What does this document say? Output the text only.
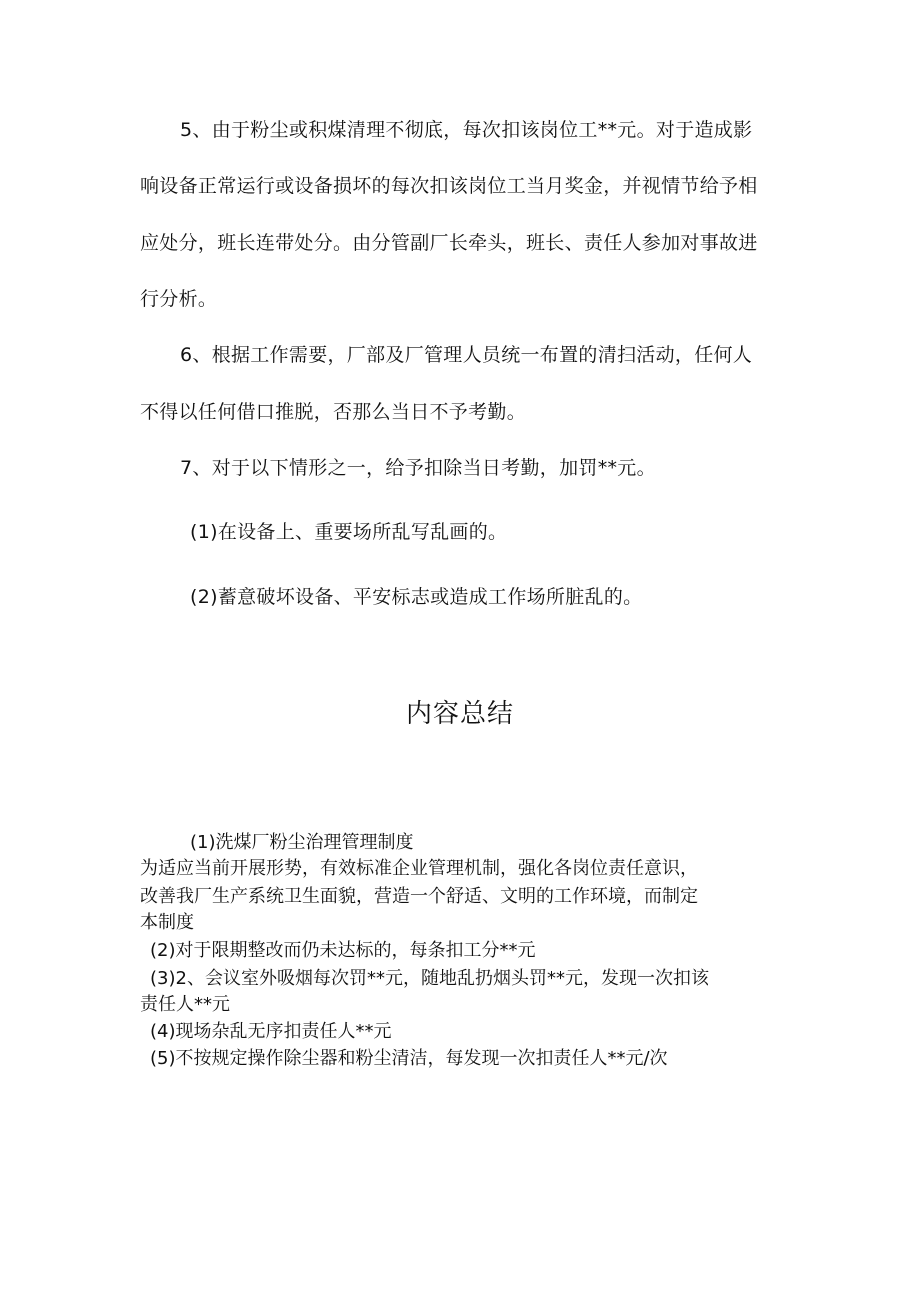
5、由于粉尘或积煤清理不彻底，每次扣该岗位工**元。对于造成影
响设备正常运行或设备损坏的每次扣该岗位工当月奖金，并视情节给予相
应处分，班长连带处分。由分管副厂长牵头，班长、责任人参加对事故进
行分析。
6、根据工作需要，厂部及厂管理人员统一布置的清扫活动，任何人
不得以任何借口推脱，否那么当日不予考勤。
7、对于以下情形之一，给予扣除当日考勤，加罚**元。
(1)在设备上、重要场所乱写乱画的。
(2)蓄意破坏设备、平安标志或造成工作场所脏乱的。
内容总结
(1)洗煤厂粉尘治理管理制度
为适应当前开展形势，有效标准企业管理机制，强化各岗位责任意识，
改善我厂生产系统卫生面貌，营造一个舒适、文明的工作环境，而制定
本制度
(2)对于限期整改而仍未达标的，每条扣工分**元
(3)2、会议室外吸烟每次罚**元，随地乱扔烟头罚**元，发现一次扣该
责任人**元
(4)现场杂乱无序扣责任人**元
(5)不按规定操作除尘器和粉尘清洁，每发现一次扣责任人**元/次
